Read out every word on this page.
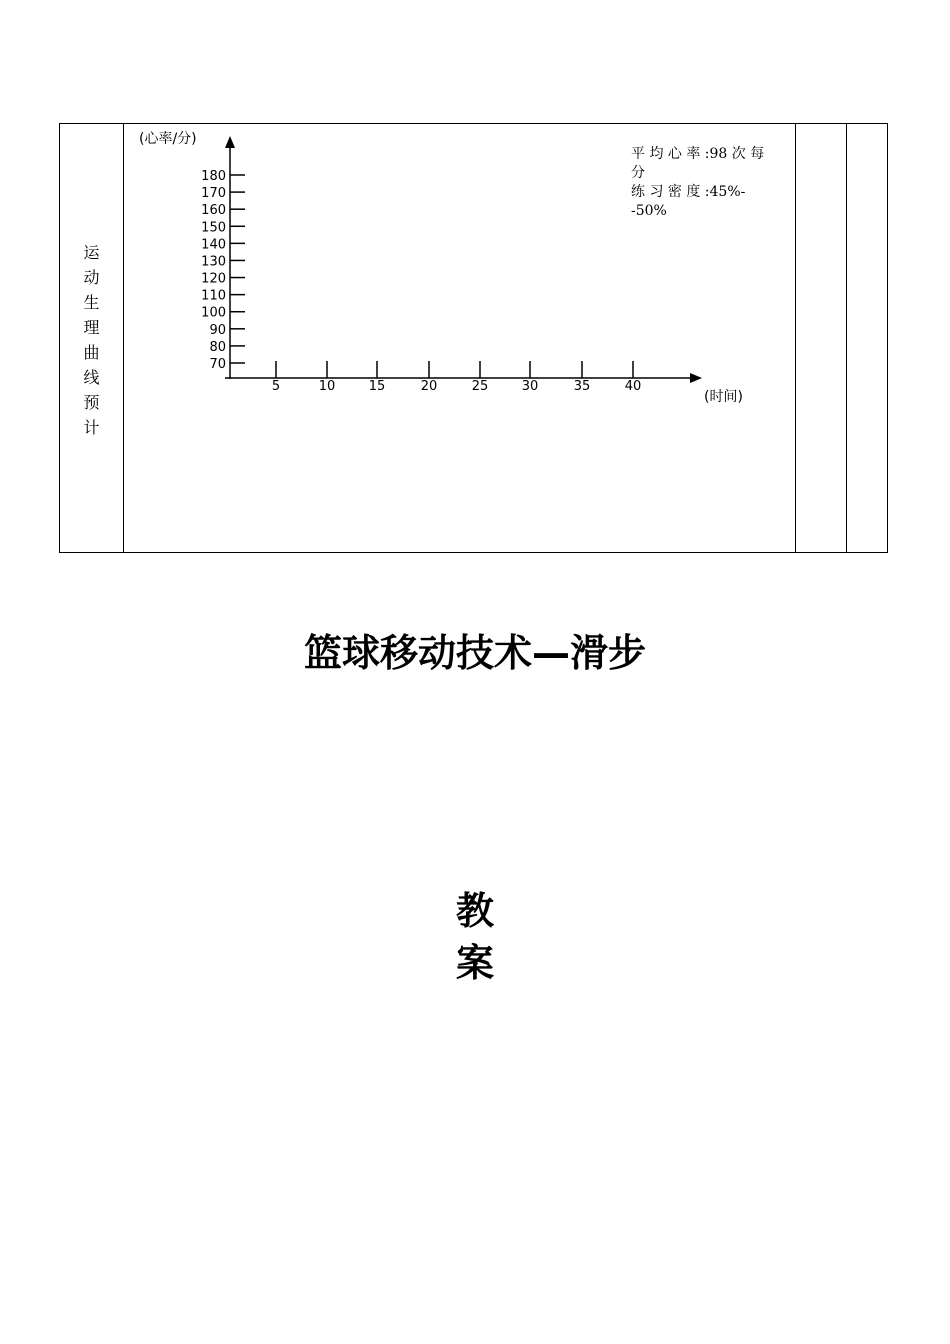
运
动
生
理
曲
线
预
计
(心率/分)
(时间)
70
80
90
100
110
120
130
140
150
160
170
180
5	10	15	20	25	30	35	40
平 均 心 率 :98 次 每分
练 习 密 度 :45%--50%
篮球移动技术—滑步
教
案
